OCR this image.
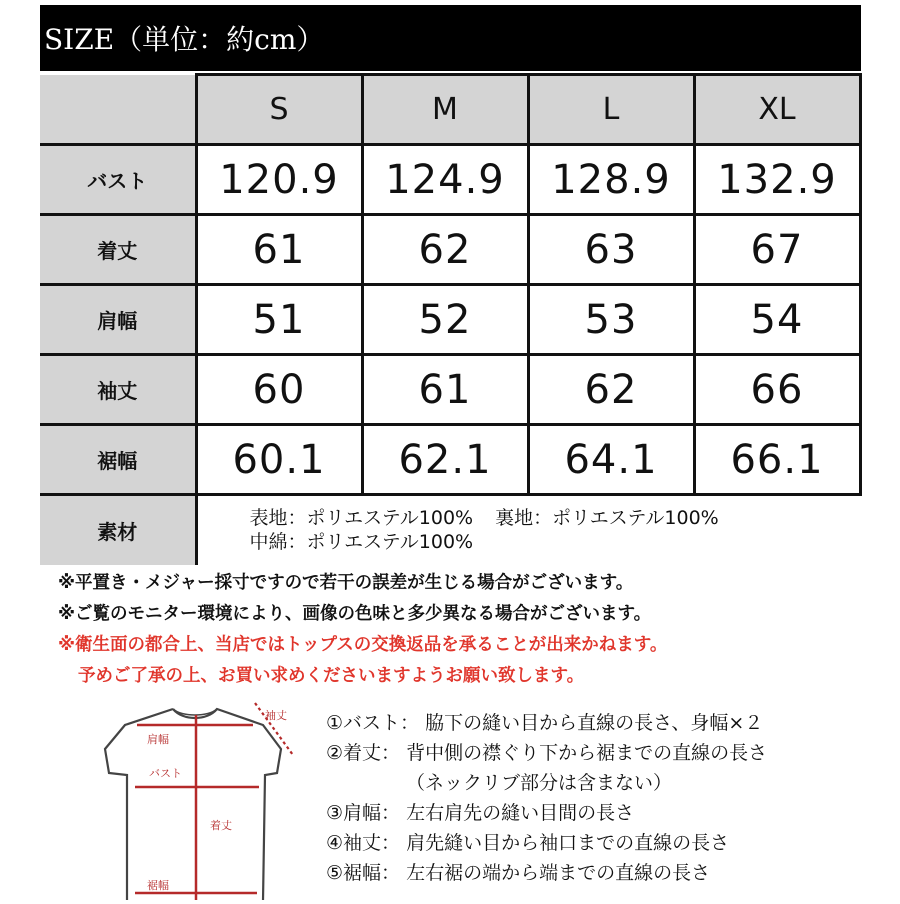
SIZE（単位：約cm）
	S	M	L	XL
バスト	120.9	124.9	128.9	132.9
着丈	61	62	63	67
肩幅	51	52	53	54
袖丈	60	61	62	66
裾幅	60.1	62.1	64.1	66.1
素材	表地：ポリエステル100% 裏地：ポリエステル100%
中綿：ポリエステル100%			
※平置き・メジャー採寸ですので若干の誤差が生じる場合がございます。
※ご覧のモニター環境により、画像の色味と多少異なる場合がございます。
※衛生面の都合上、当店ではトップスの交換返品を承ることが出来かねます。
予めご了承の上、お買い求めくださいますようお願い致します。
肩幅
バスト
着丈
裾幅
袖丈 ①バスト： 脇下の縫い目から直線の長さ、身幅×２
②着丈： 背中側の襟ぐり下から裾までの直線の長さ
（ネックリブ部分は含まない）
③肩幅： 左右肩先の縫い目間の長さ
④袖丈： 肩先縫い目から袖口までの直線の長さ
⑤裾幅： 左右裾の端から端までの直線の長さ
